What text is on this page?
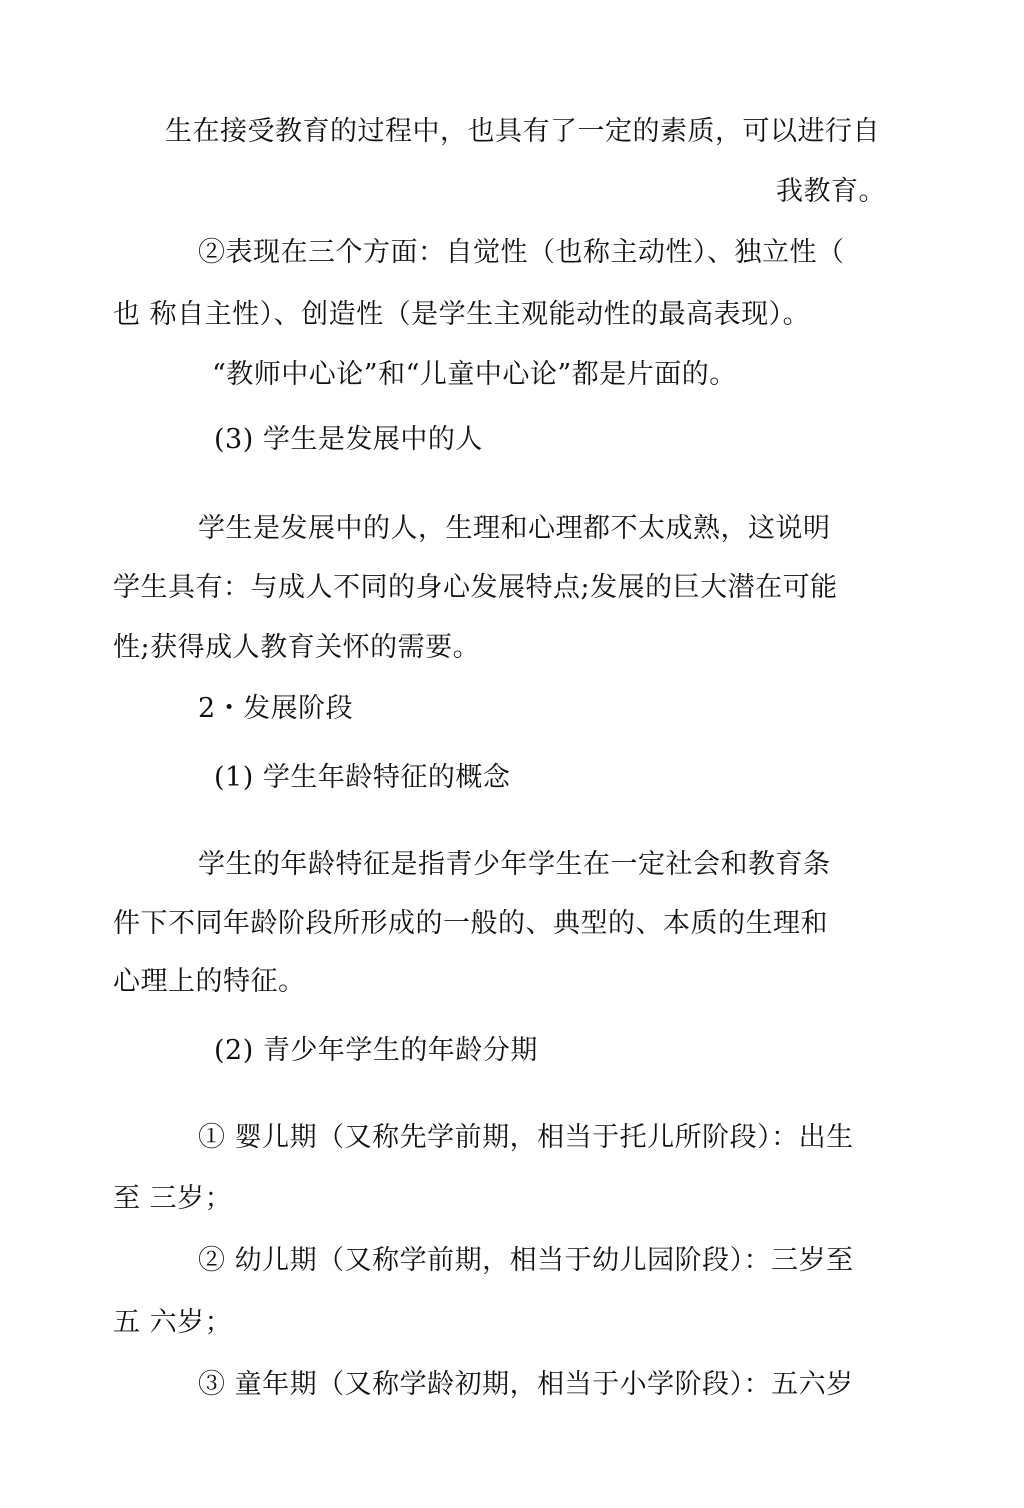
生在接受教育的过程中，也具有了一定的素质，可以进行自
我教育。
②表现在三个方面：自觉性（也称主动性）、独立性（
也 称自主性）、创造性（是学生主观能动性的最高表现）。
“教师中心论”和“儿童中心论”都是片面的。
(3) 学生是发展中的人
学生是发展中的人，生理和心理都不太成熟，这说明
学生具有：与成人不同的身心发展特点;发展的巨大潜在可能
性;获得成人教育关怀的需要。
2・发展阶段
(1) 学生年龄特征的概念
学生的年龄特征是指青少年学生在一定社会和教育条
件下不同年龄阶段所形成的一般的、典型的、本质的生理和
心理上的特征。
(2) 青少年学生的年龄分期
① 婴儿期（又称先学前期，相当于托儿所阶段）：出生
至 三岁；
② 幼儿期（又称学前期，相当于幼儿园阶段）：三岁至
五 六岁；
③ 童年期（又称学龄初期，相当于小学阶段）：五六岁
